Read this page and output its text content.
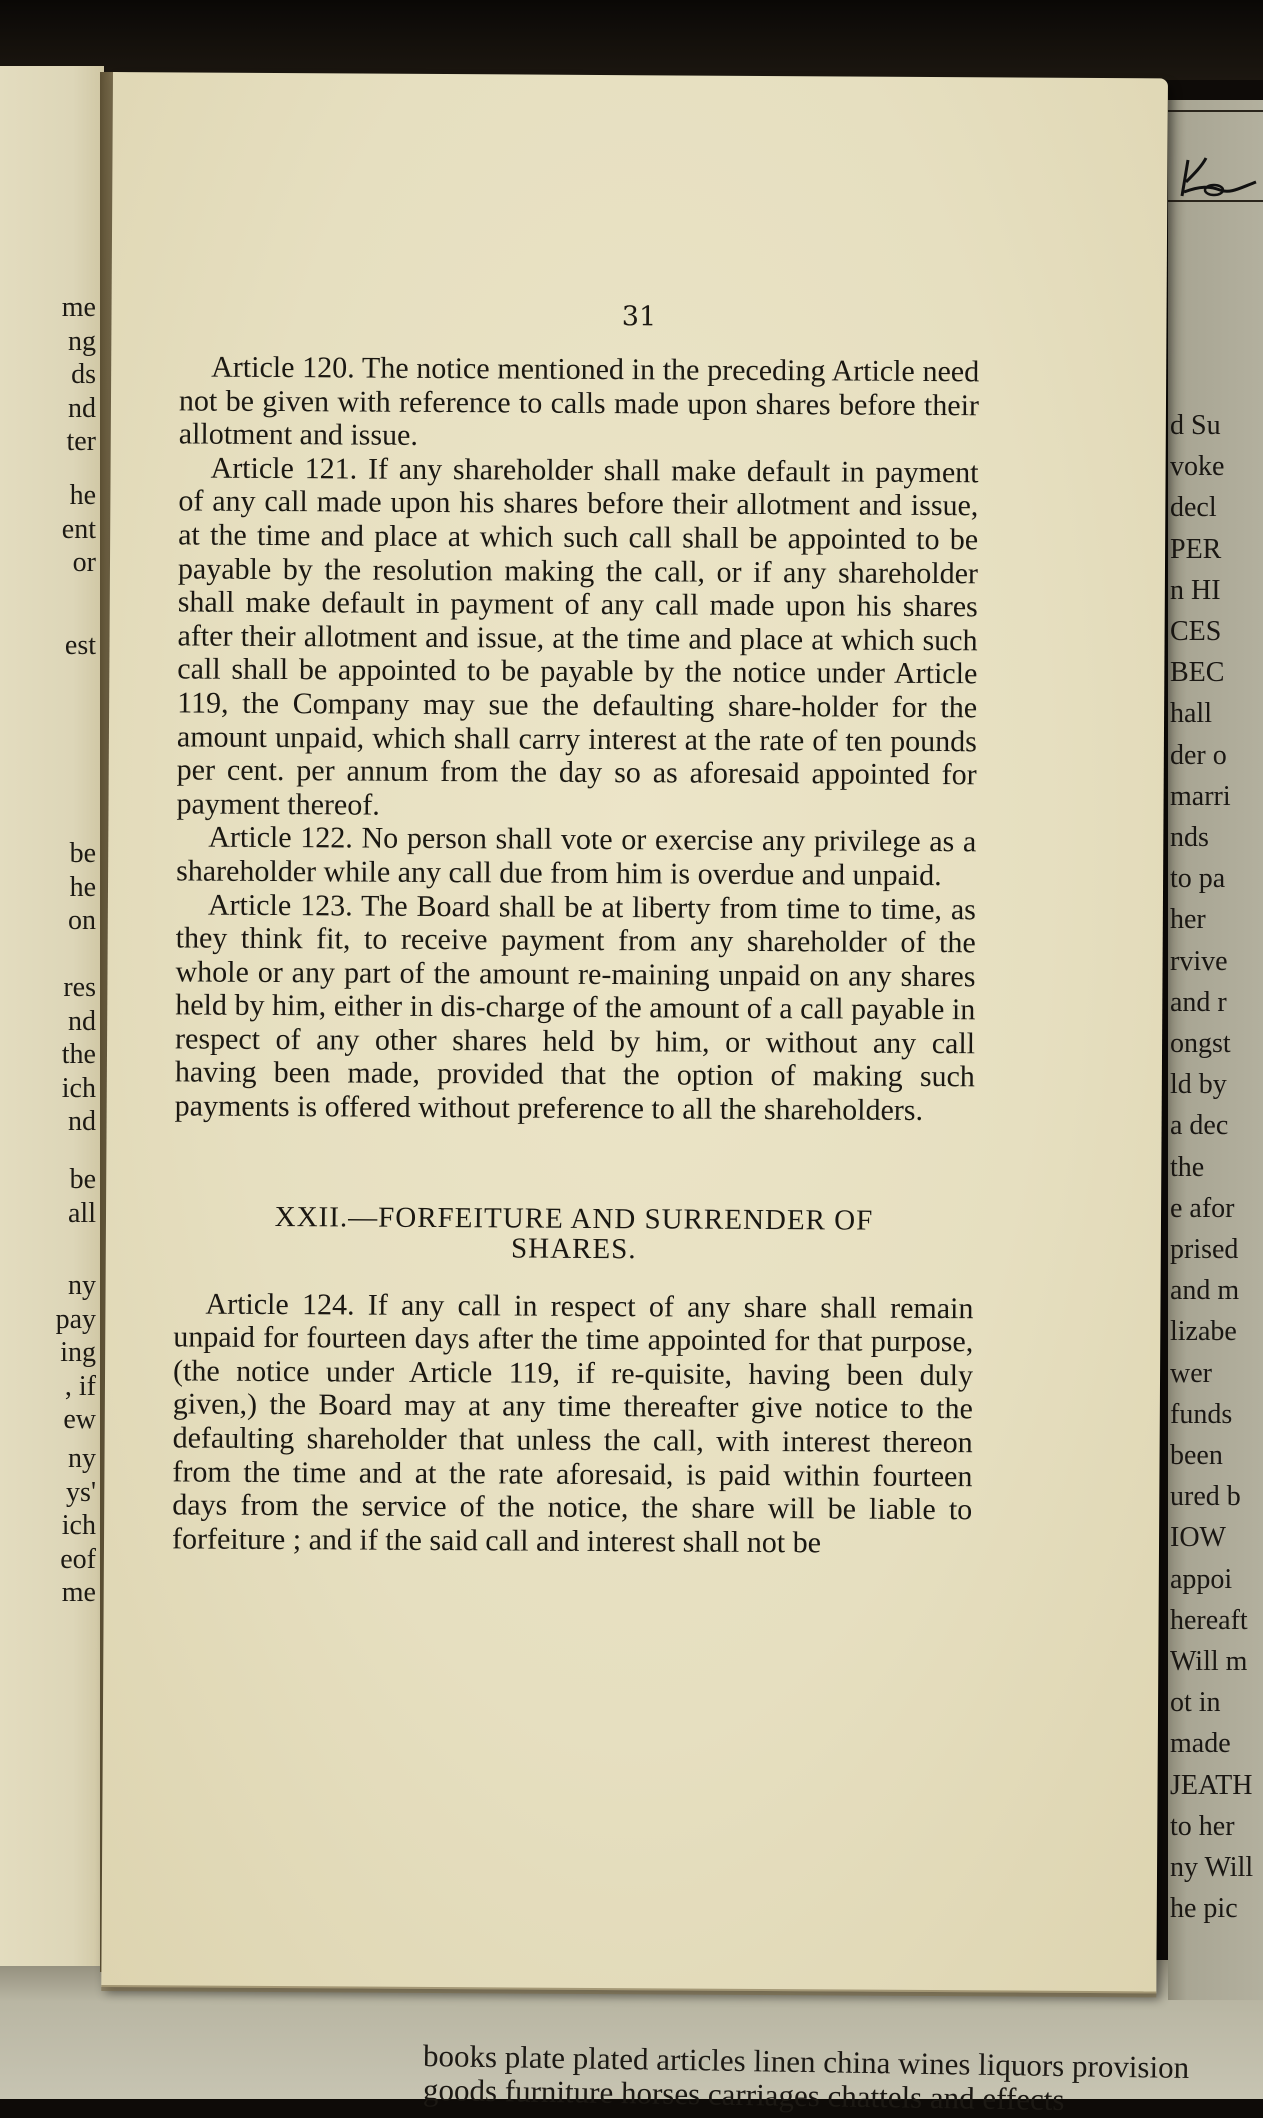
books plate plated articles linen china wines liquors provision
goods furniture horses carriages chattels and effects
d Su
voke
decl
PER
n HI
CES
BEC
hall
der o
marri
nds
to pa
her
rvive
and r
ongst
ld by
a dec
the
e afor
prised
and m
lizabe
wer
funds
been
ured b
IOW
appoi
hereaft
Will m
ot in
made
JEATH
to her
ny Will
he pic
me
ng
ds
nd
ter
he
ent
or
est
be
he
on
res
nd
the
ich
nd
be
all
ny
pay
ing
, if
ew
ny
ys'
ich
eof
me
31

Article 120. The notice mentioned in the preceding Article need not be given with reference to calls made upon shares before their allotment and issue.

Article 121. If any shareholder shall make default in payment of any call made upon his shares before their allotment and issue, at the time and place at which such call shall be appointed to be payable by the resolution making the call, or if any shareholder shall make default in payment of any call made upon his shares after their allotment and issue, at the time and place at which such call shall be appointed to be payable by the notice under Article 119, the Company may sue the defaulting share-holder for the amount unpaid, which shall carry interest at the rate of ten pounds per cent. per annum from the day so as aforesaid appointed for payment thereof.

Article 122. No person shall vote or exercise any privilege as a shareholder while any call due from him is overdue and unpaid.

Article 123. The Board shall be at liberty from time to time, as they think fit, to receive payment from any shareholder of the whole or any part of the amount re-maining unpaid on any shares held by him, either in dis-charge of the amount of a call payable in respect of any other shares held by him, or without any call having been made, provided that the option of making such payments is offered without preference to all the shareholders.

XXII.—FORFEITURE AND SURRENDER OF
SHARES.

Article 124. If any call in respect of any share shall remain unpaid for fourteen days after the time appointed for that purpose, (the notice under Article 119, if re-quisite, having been duly given,) the Board may at any time thereafter give notice to the defaulting shareholder that unless the call, with interest thereon from the time and at the rate aforesaid, is paid within fourteen days from the service of the notice, the share will be liable to forfeiture ; and if the said call and interest shall not be
